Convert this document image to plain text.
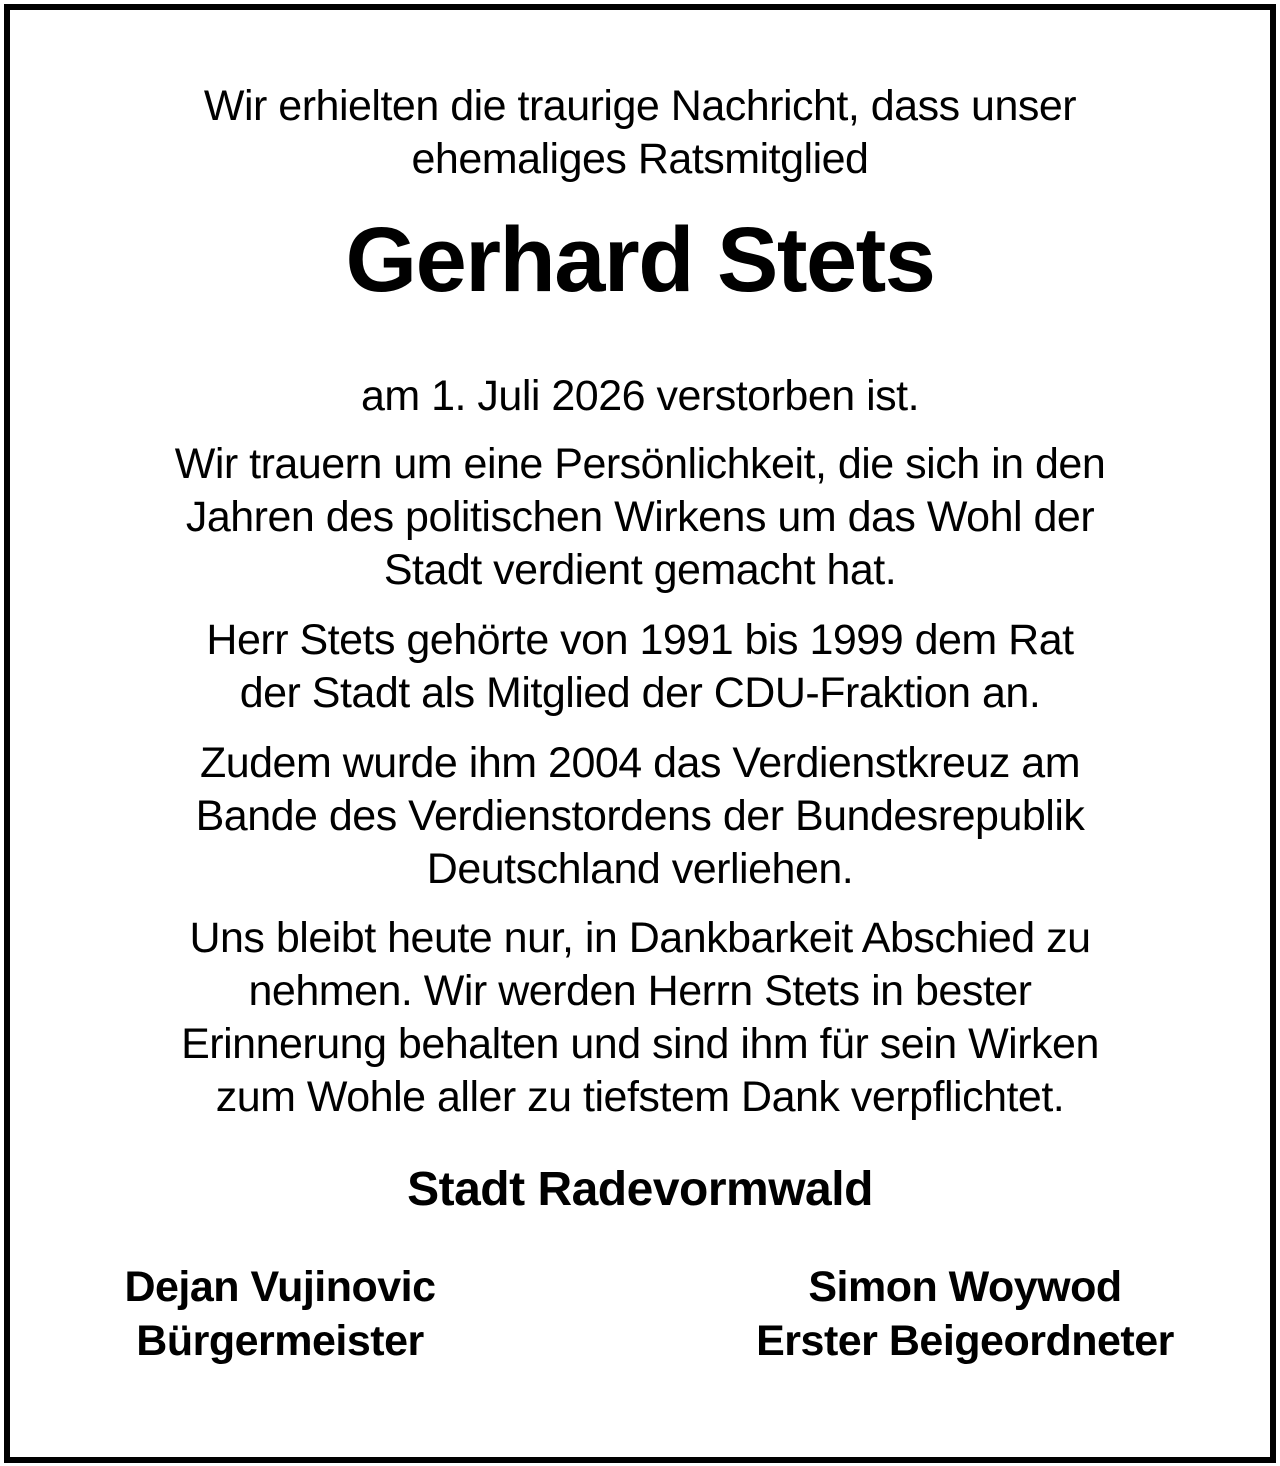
Wir erhielten die traurige Nachricht, dass unser
ehemaliges Ratsmitglied
Gerhard Stets
am 1. Juli 2026 verstorben ist.
Wir trauern um eine Persönlichkeit, die sich in den
Jahren des politischen Wirkens um das Wohl der
Stadt verdient gemacht hat.
Herr Stets gehörte von 1991 bis 1999 dem Rat
der Stadt als Mitglied der CDU-Fraktion an.
Zudem wurde ihm 2004 das Verdienstkreuz am
Bande des Verdienstordens der Bundesrepublik
Deutschland verliehen.
Uns bleibt heute nur, in Dankbarkeit Abschied zu
nehmen. Wir werden Herrn Stets in bester
Erinnerung behalten und sind ihm für sein Wirken
zum Wohle aller zu tiefstem Dank verpflichtet.
Stadt Radevormwald
Dejan Vujinovic
Bürgermeister
Simon Woywod
Erster Beigeordneter
